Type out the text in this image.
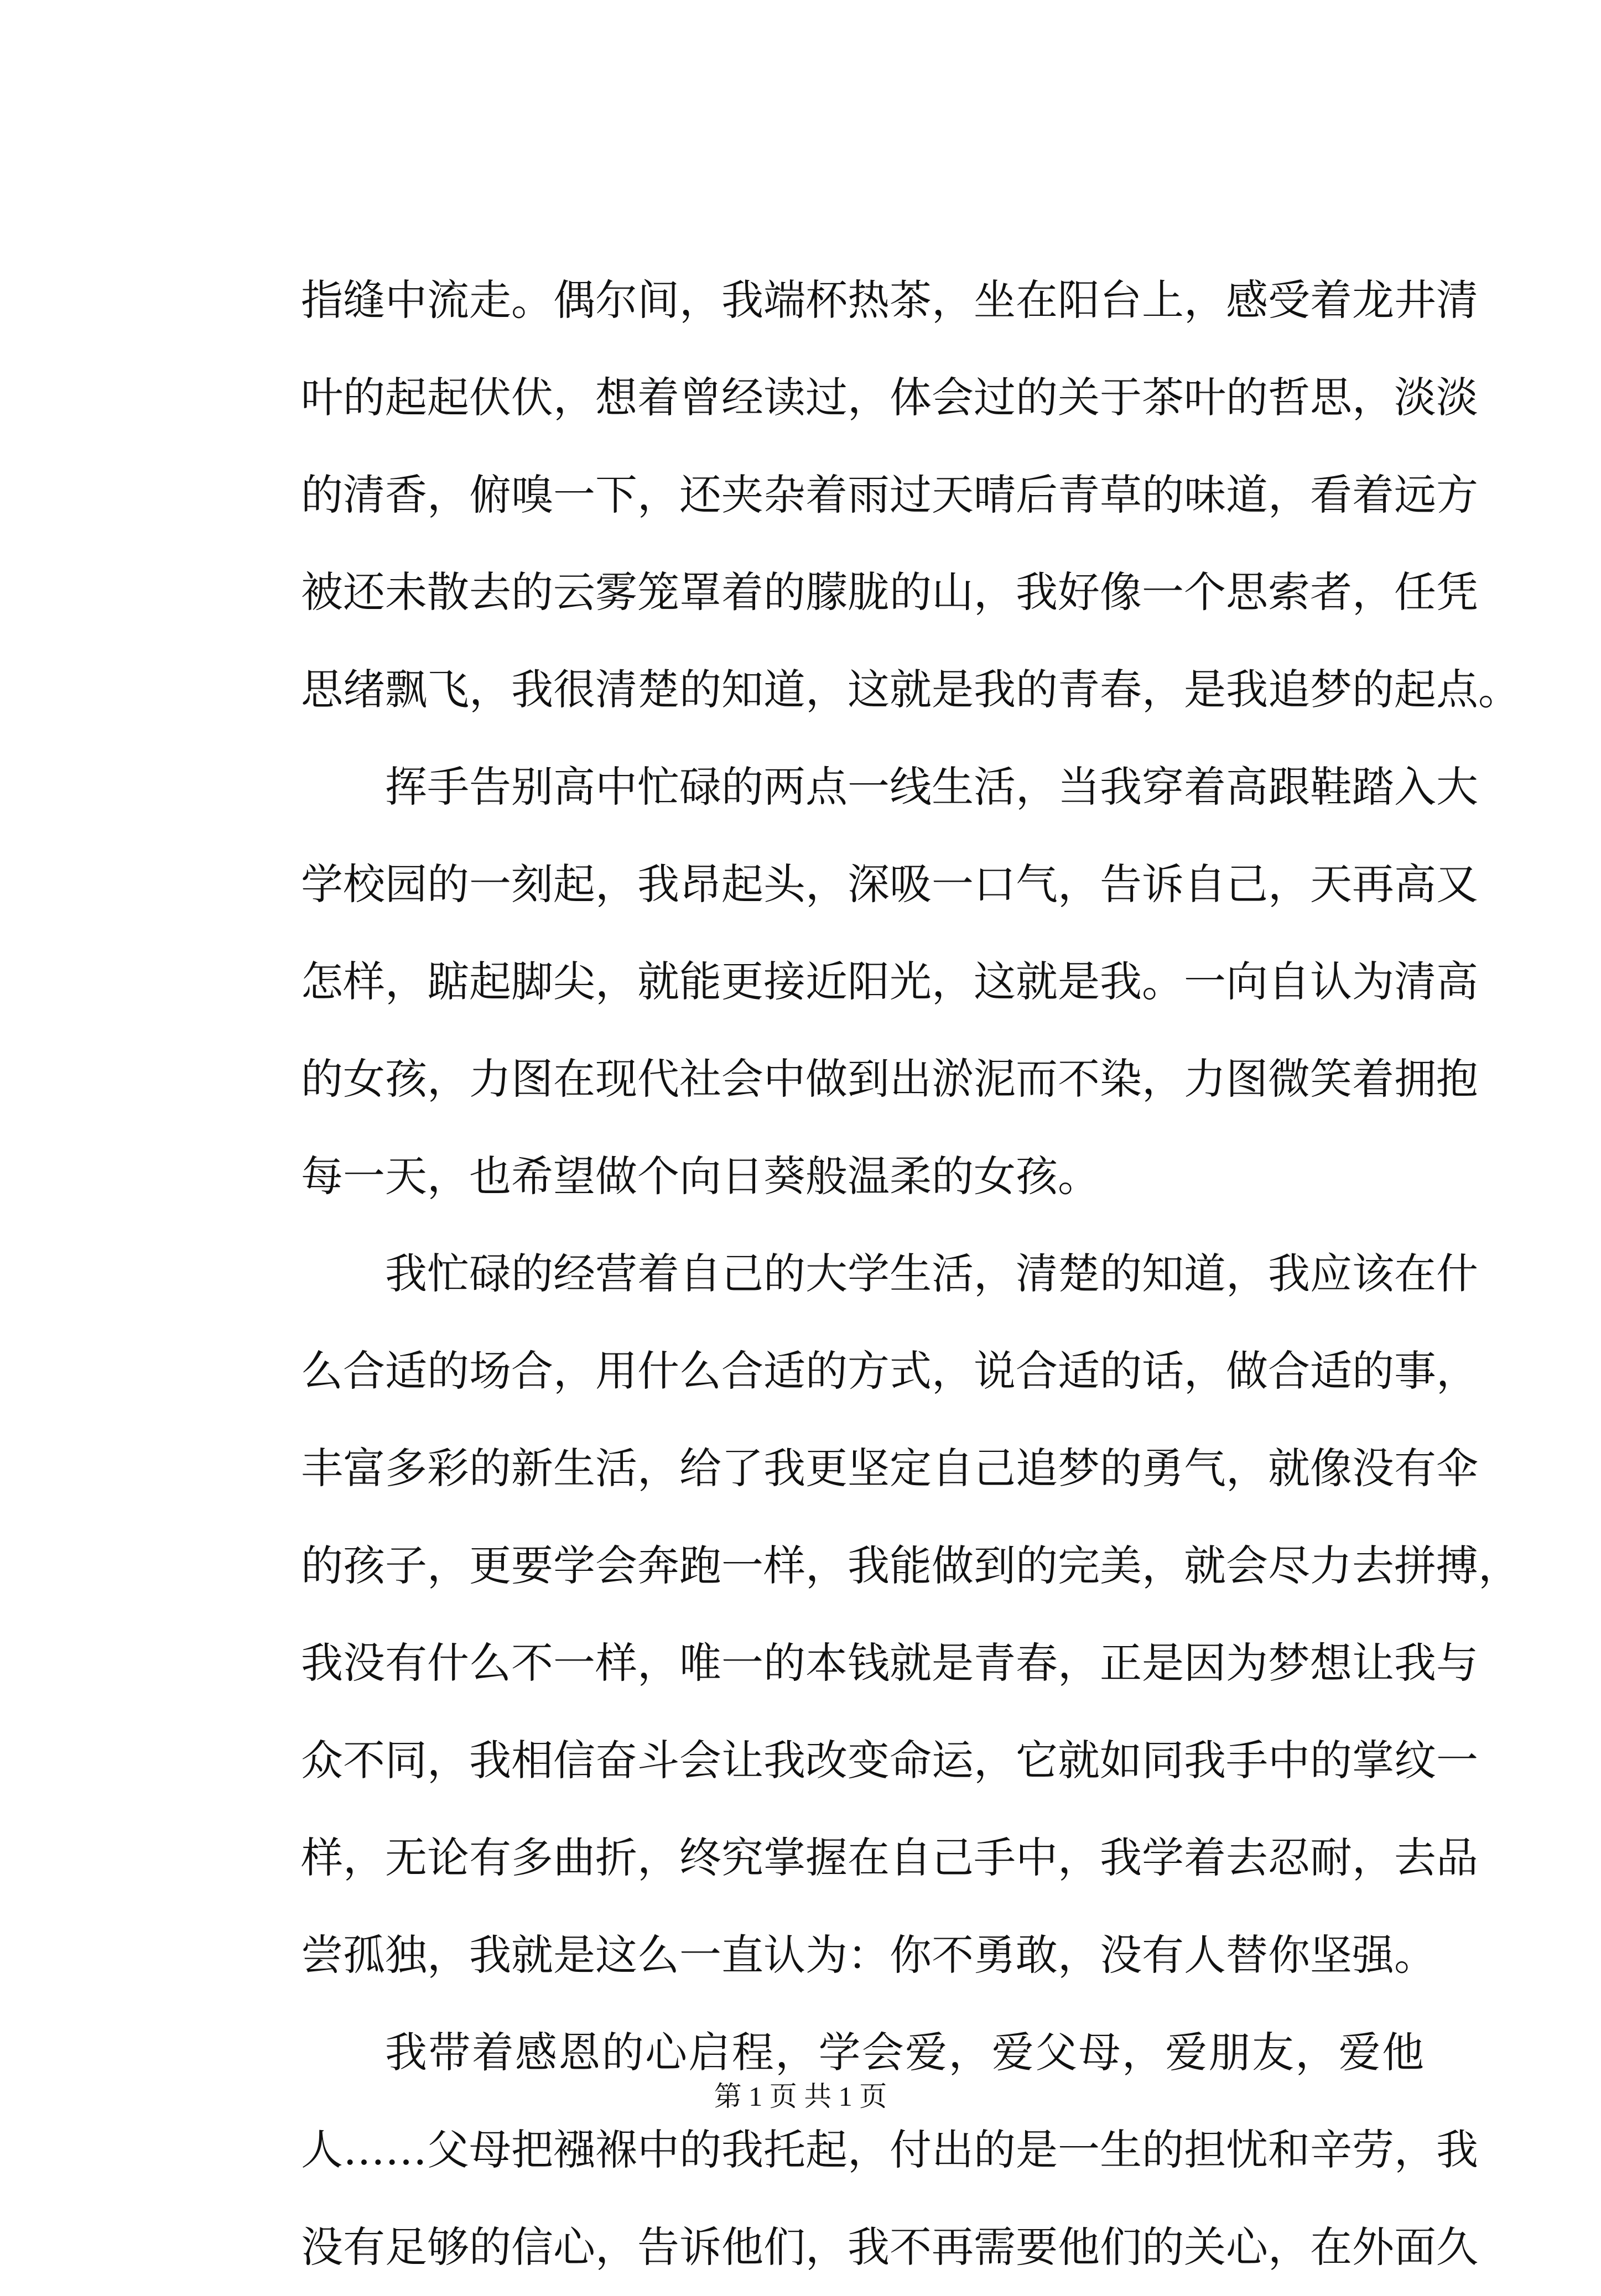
指缝中流走。偶尔间，我端杯热茶，坐在阳台上，感受着龙井清
叶的起起伏伏，想着曾经读过，体会过的关于茶叶的哲思，淡淡
的清香，俯嗅一下，还夹杂着雨过天晴后青草的味道，看着远方
被还未散去的云雾笼罩着的朦胧的山，我好像一个思索者，任凭
思绪飘飞，我很清楚的知道，这就是我的青春，是我追梦的起点。
挥手告别高中忙碌的两点一线生活，当我穿着高跟鞋踏入大
学校园的一刻起，我昂起头，深吸一口气，告诉自己，天再高又
怎样，踮起脚尖，就能更接近阳光，这就是我。一向自认为清高
的女孩，力图在现代社会中做到出淤泥而不染，力图微笑着拥抱
每一天，也希望做个向日葵般温柔的女孩。
我忙碌的经营着自己的大学生活，清楚的知道，我应该在什
么合适的场合，用什么合适的方式，说合适的话，做合适的事，
丰富多彩的新生活，给了我更坚定自己追梦的勇气，就像没有伞
的孩子，更要学会奔跑一样，我能做到的完美，就会尽力去拼搏，
我没有什么不一样，唯一的本钱就是青春，正是因为梦想让我与
众不同，我相信奋斗会让我改变命运，它就如同我手中的掌纹一
样，无论有多曲折，终究掌握在自己手中，我学着去忍耐，去品
尝孤独，我就是这么一直认为：你不勇敢，没有人替你坚强。
我带着感恩的心启程，学会爱，爱父母，爱朋友，爱他
人……父母把襁褓中的我托起，付出的是一生的担忧和辛劳，我
没有足够的信心，告诉他们，我不再需要他们的关心，在外面久
第 1 页 共 1 页
